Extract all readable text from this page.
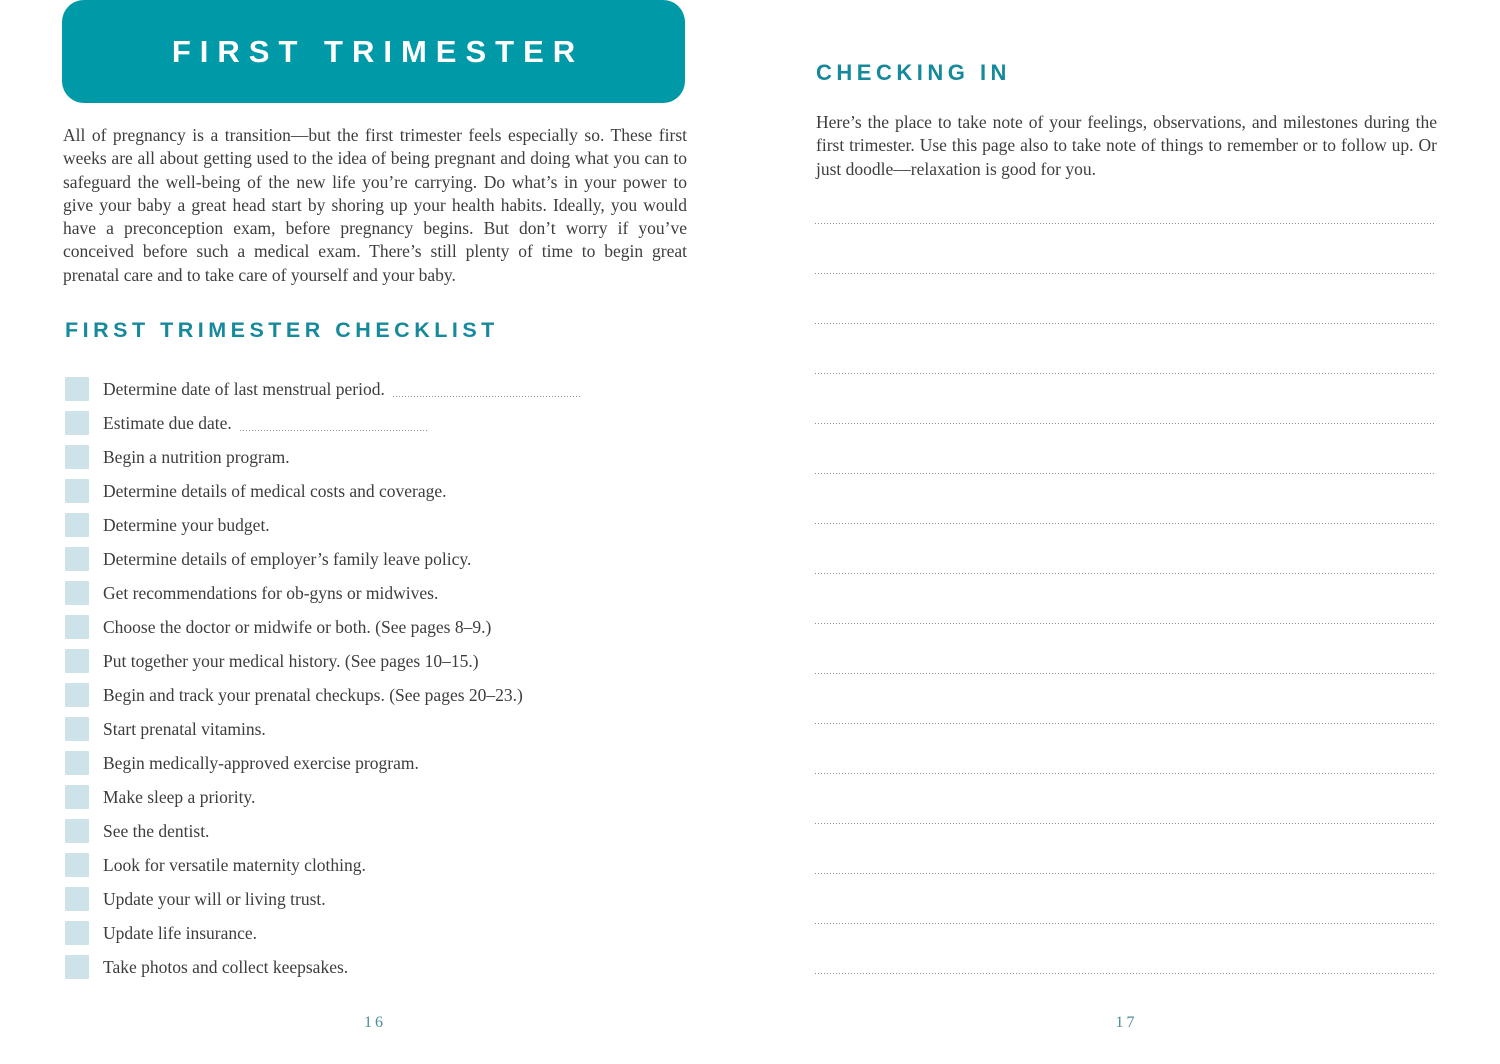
FIRST TRIMESTER

All of pregnancy is a transition—but the first trimester feels especially so. These first weeks are all about getting used to the idea of being pregnant and doing what you can to safeguard the well-being of the new life you’re carrying. Do what’s in your power to give your baby a great head start by shoring up your health habits. Ideally, you would have a preconception exam, before pregnancy begins. But don’t worry if you’ve conceived before such a medical exam. There’s still plenty of time to begin great prenatal care and to take care of yourself and your baby.

FIRST TRIMESTER CHECKLIST
Determine date of last menstrual period.
Estimate due date.
Begin a nutrition program.
Determine details of medical costs and coverage.
Determine your budget.
Determine details of employer’s family leave policy.
Get recommendations for ob-gyns or midwives.
Choose the doctor or midwife or both. (See pages 8–9.)
Put together your medical history. (See pages 10–15.)
Begin and track your prenatal checkups. (See pages 20–23.)
Start prenatal vitamins.
Begin medically-approved exercise program.
Make sleep a priority.
See the dentist.
Look for versatile maternity clothing.
Update your will or living trust.
Update life insurance.
Take photos and collect keepsakes.
16
CHECKING IN

Here’s the place to take note of your feelings, observations, and milestones during the first trimester. Use this page also to take note of things to remember or to follow up. Or just doodle—relaxation is good for you.

17
